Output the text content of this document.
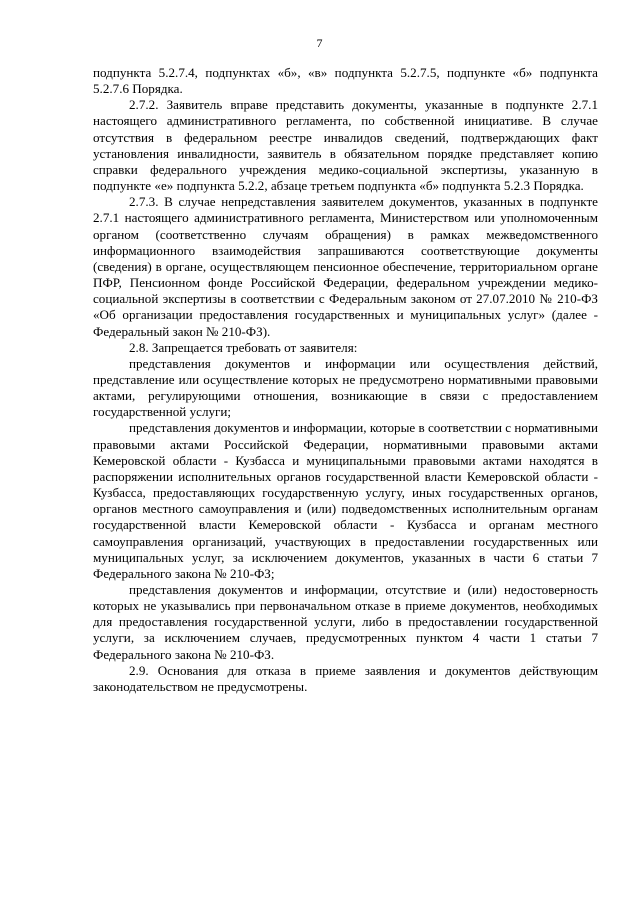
7

подпункта 5.2.7.4, подпунктах «б», «в» подпункта 5.2.7.5, подпункте «б» подпункта 5.2.7.6 Порядка.

2.7.2. Заявитель вправе представить документы, указанные в подпункте 2.7.1 настоящего административного регламента, по собственной инициативе. В случае отсутствия в федеральном реестре инвалидов сведений, подтверждающих факт установления инвалидности, заявитель в обязательном порядке представляет копию справки федерального учреждения медико-социальной экспертизы, указанную в подпункте «е» подпункта 5.2.2, абзаце третьем подпункта «б» подпункта 5.2.3 Порядка.

2.7.3. В случае непредставления заявителем документов, указанных в подпункте 2.7.1 настоящего административного регламента, Министерством или уполномоченным органом (соответственно случаям обращения) в рамках межведомственного информационного взаимодействия запрашиваются соответствующие документы (сведения) в органе, осуществляющем пенсионное обеспечение, территориальном органе ПФР, Пенсионном фонде Российской Федерации, федеральном учреждении медико-социальной экспертизы в соответствии с Федеральным законом от 27.07.2010 № 210-ФЗ «Об организации предоставления государственных и муниципальных услуг» (далее - Федеральный закон № 210-ФЗ).

2.8. Запрещается требовать от заявителя:

представления документов и информации или осуществления действий, представление или осуществление которых не предусмотрено нормативными правовыми актами, регулирующими отношения, возникающие в связи с предоставлением государственной услуги;

представления документов и информации, которые в соответствии с нормативными правовыми актами Российской Федерации, нормативными правовыми актами Кемеровской области - Кузбасса и муниципальными правовыми актами находятся в распоряжении исполнительных органов государственной власти Кемеровской области - Кузбасса, предоставляющих государственную услугу, иных государственных органов, органов местного самоуправления и (или) подведомственных исполнительным органам государственной власти Кемеровской области - Кузбасса и органам местного самоуправления организаций, участвующих в предоставлении государственных или муниципальных услуг, за исключением документов, указанных в части 6 статьи 7 Федерального закона № 210-ФЗ;

представления документов и информации, отсутствие и (или) недостоверность которых не указывались при первоначальном отказе в приеме документов, необходимых для предоставления государственной услуги, либо в предоставлении государственной услуги, за исключением случаев, предусмотренных пунктом 4 части 1 статьи 7 Федерального закона № 210-ФЗ.

2.9. Основания для отказа в приеме заявления и документов действующим законодательством не предусмотрены.
